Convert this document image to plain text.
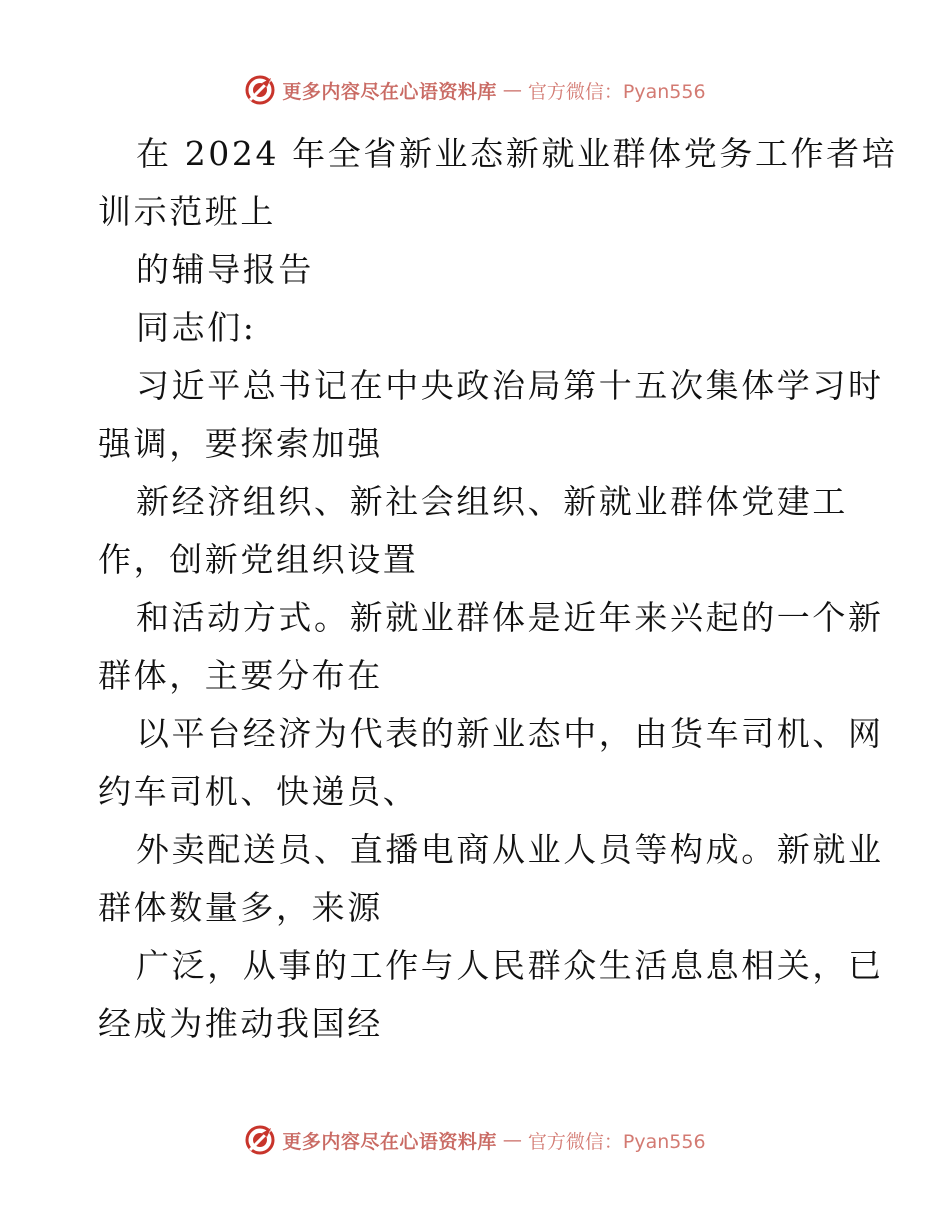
更多内容尽在心语资料库 — 官方微信：Pyan556
在 2024 年全省新业态新就业群体党务工作者培
训示范班上
的辅导报告
同志们:
习近平总书记在中央政治局第十五次集体学习时
强调，要探索加强
新经济组织、新社会组织、新就业群体党建工
作，创新党组织设置
和活动方式。新就业群体是近年来兴起的一个新
群体，主要分布在
以平台经济为代表的新业态中，由货车司机、网
约车司机、快递员、
外卖配送员、直播电商从业人员等构成。新就业
群体数量多，来源
广泛，从事的工作与人民群众生活息息相关，已
经成为推动我国经
更多内容尽在心语资料库 — 官方微信：Pyan556
